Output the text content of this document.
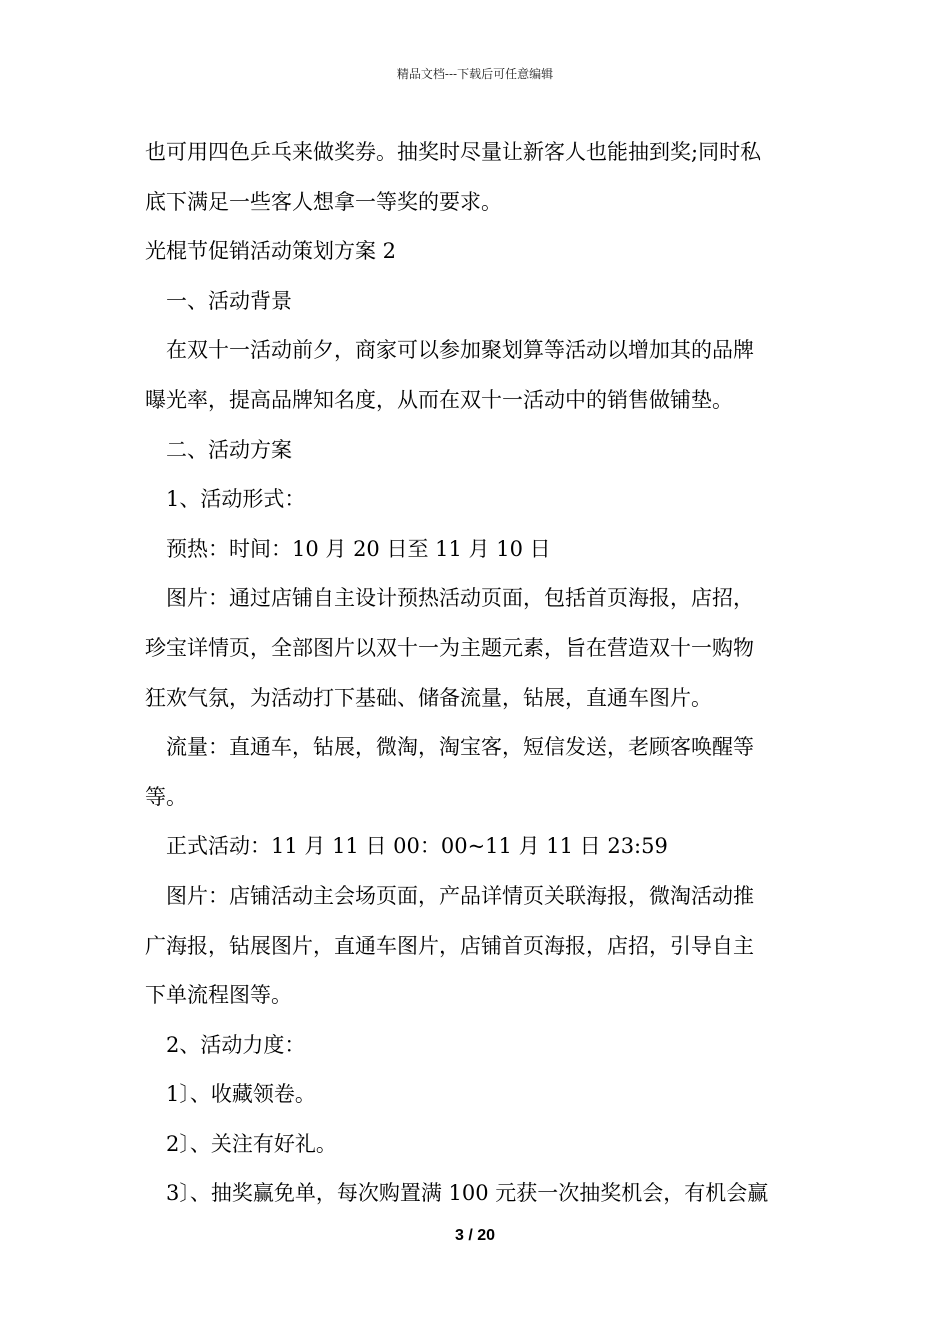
精品文档---下载后可任意编辑
也可用四色乒乓来做奖券。抽奖时尽量让新客人也能抽到奖;同时私
底下满足一些客人想拿一等奖的要求。
光棍节促销活动策划方案 2
一、活动背景
在双十一活动前夕，商家可以参加聚划算等活动以增加其的品牌
曝光率，提高品牌知名度，从而在双十一活动中的销售做铺垫。
二、活动方案
1、活动形式：
预热：时间：10 月 20 日至 11 月 10 日
图片：通过店铺自主设计预热活动页面，包括首页海报，店招，
珍宝详情页，全部图片以双十一为主题元素，旨在营造双十一购物
狂欢气氛，为活动打下基础、储备流量，钻展，直通车图片。
流量：直通车，钻展，微淘，淘宝客，短信发送，老顾客唤醒等
等。
正式活动：11 月 11 日 00：00~11 月 11 日 23:59
图片：店铺活动主会场页面，产品详情页关联海报，微淘活动推
广海报，钻展图片，直通车图片，店铺首页海报，店招，引导自主
下单流程图等。
2、活动力度：
1〕、收藏领卷。
2〕、关注有好礼。
3〕、抽奖赢免单，每次购置满 100 元获一次抽奖机会，有机会赢
3 / 20
